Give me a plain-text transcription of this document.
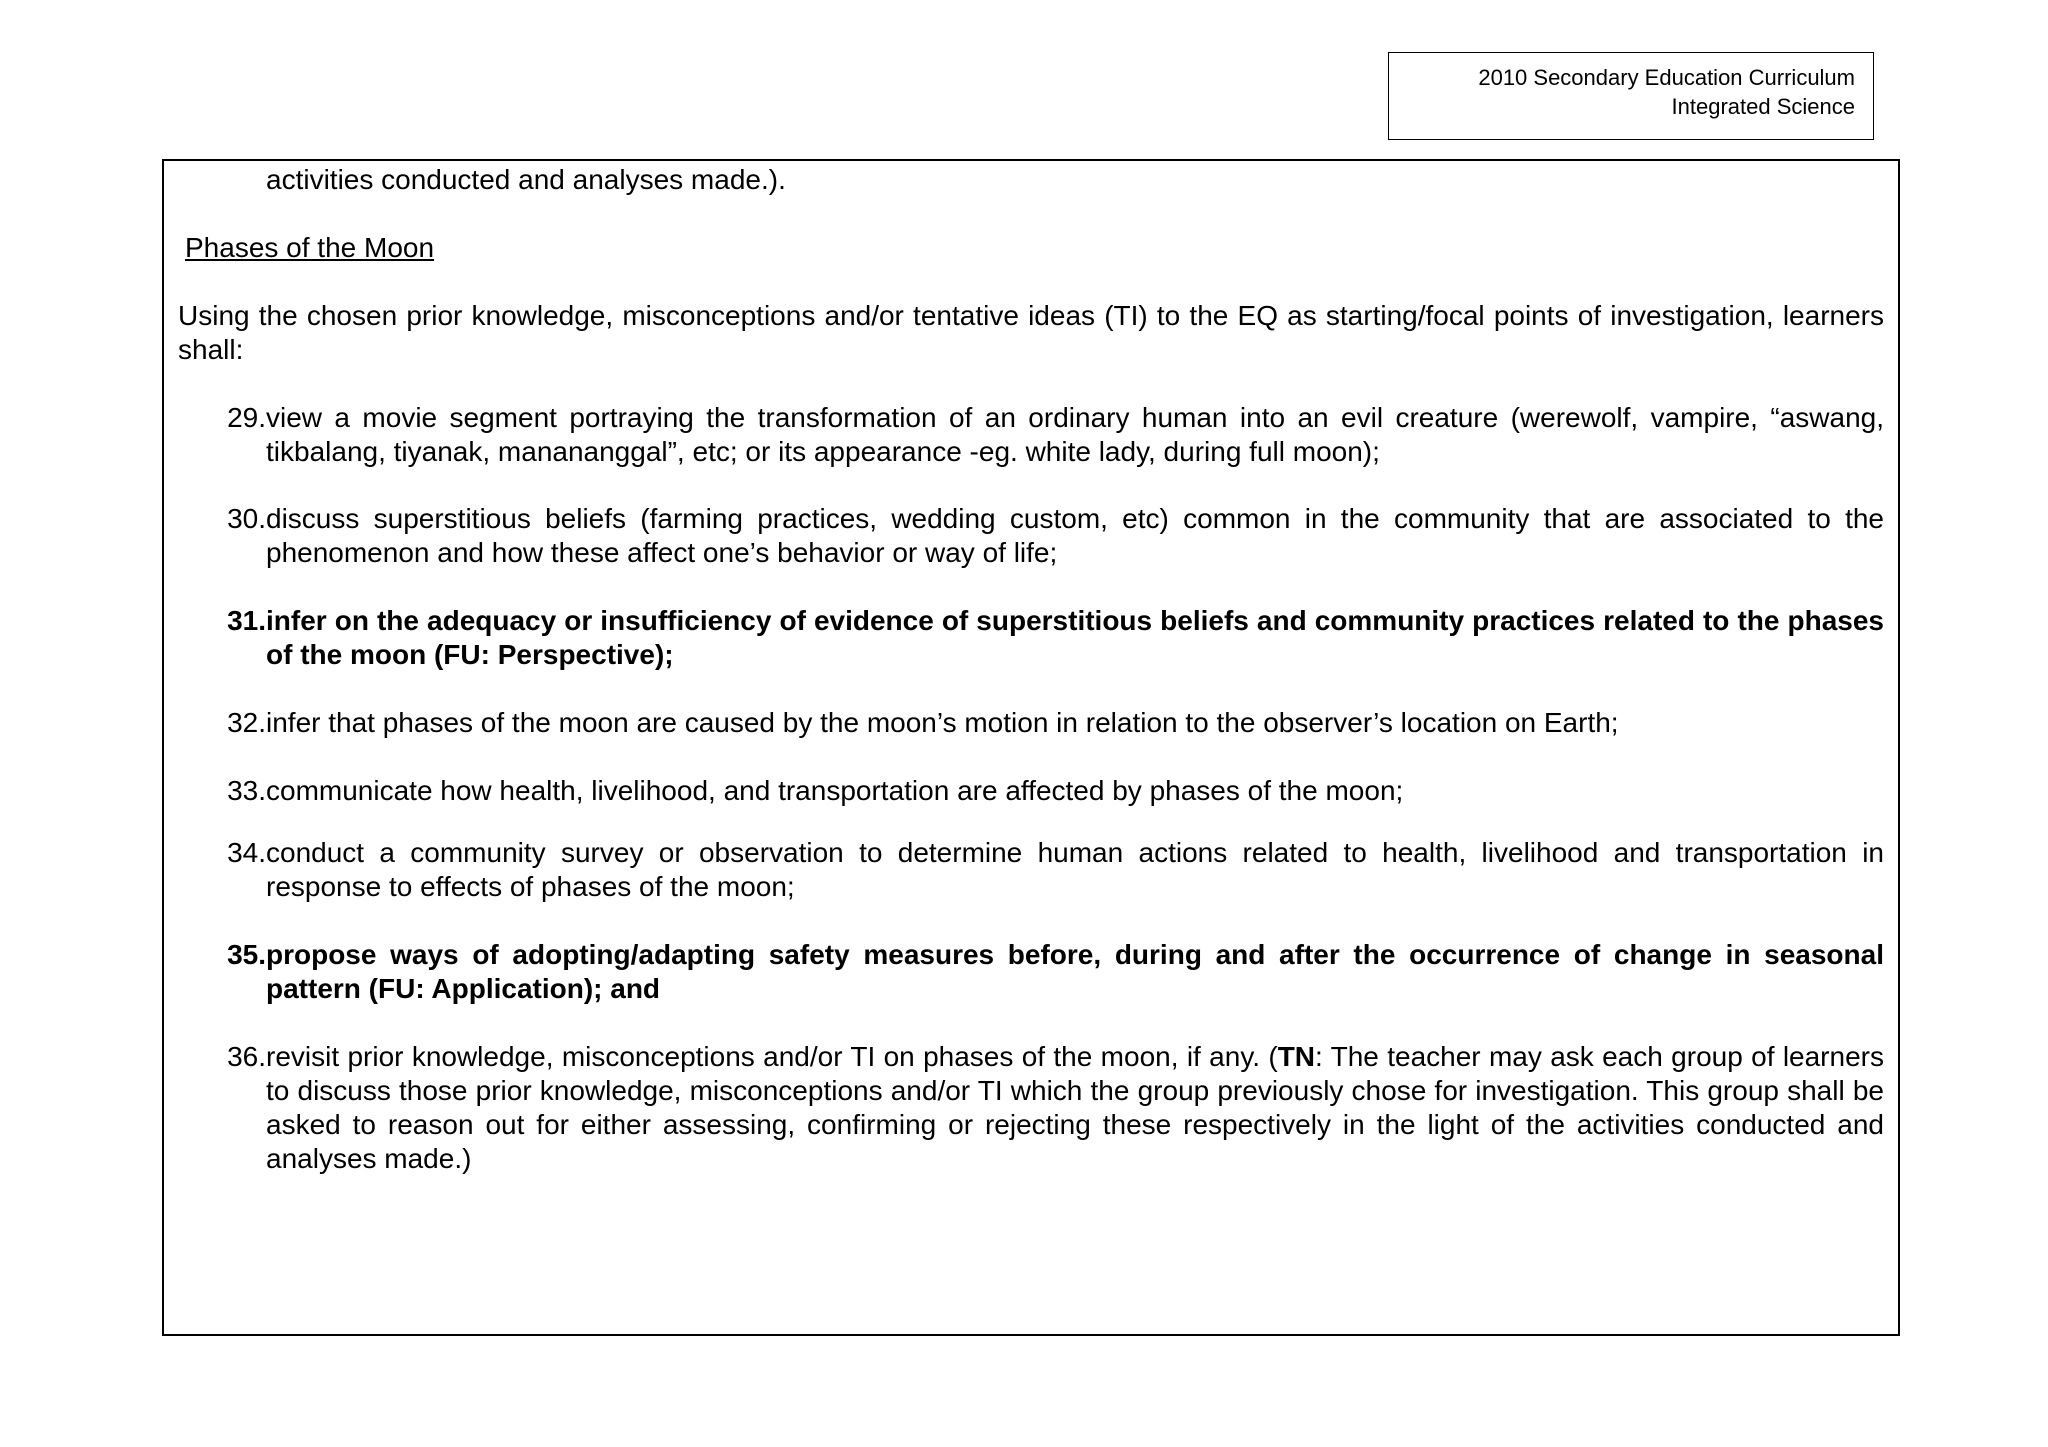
2010 Secondary Education Curriculum
Integrated Science
activities conducted and analyses made.).
Phases of the Moon
Using the chosen prior knowledge, misconceptions and/or tentative ideas (TI) to the EQ as starting/focal points of investigation, learners shall:
29. view a movie segment portraying the transformation of an ordinary human into an evil creature (werewolf, vampire, “aswang, tikbalang, tiyanak, manananggal”, etc; or its appearance -eg. white lady, during full moon);
30. discuss superstitious beliefs (farming practices, wedding custom, etc) common in the community that are associated to the phenomenon and how these affect one’s behavior or way of life;
31. infer on the adequacy or insufficiency of evidence of superstitious beliefs and community practices related to the phases of the moon (FU: Perspective);
32. infer that phases of the moon are caused by the moon’s motion in relation to the observer’s location on Earth;
33. communicate how health, livelihood, and transportation are affected by phases of the moon;
34. conduct a community survey or observation to determine human actions related to health, livelihood and transportation in response to effects of phases of the moon;
35. propose ways of adopting/adapting safety measures before, during and after the occurrence of change in seasonal pattern (FU: Application); and
36. revisit prior knowledge, misconceptions and/or TI on phases of the moon, if any. (TN: The teacher may ask each group of learners to discuss those prior knowledge, misconceptions and/or TI which the group previously chose for investigation. This group shall be asked to reason out for either assessing, confirming or rejecting these respectively in the light of the activities conducted and analyses made.)
